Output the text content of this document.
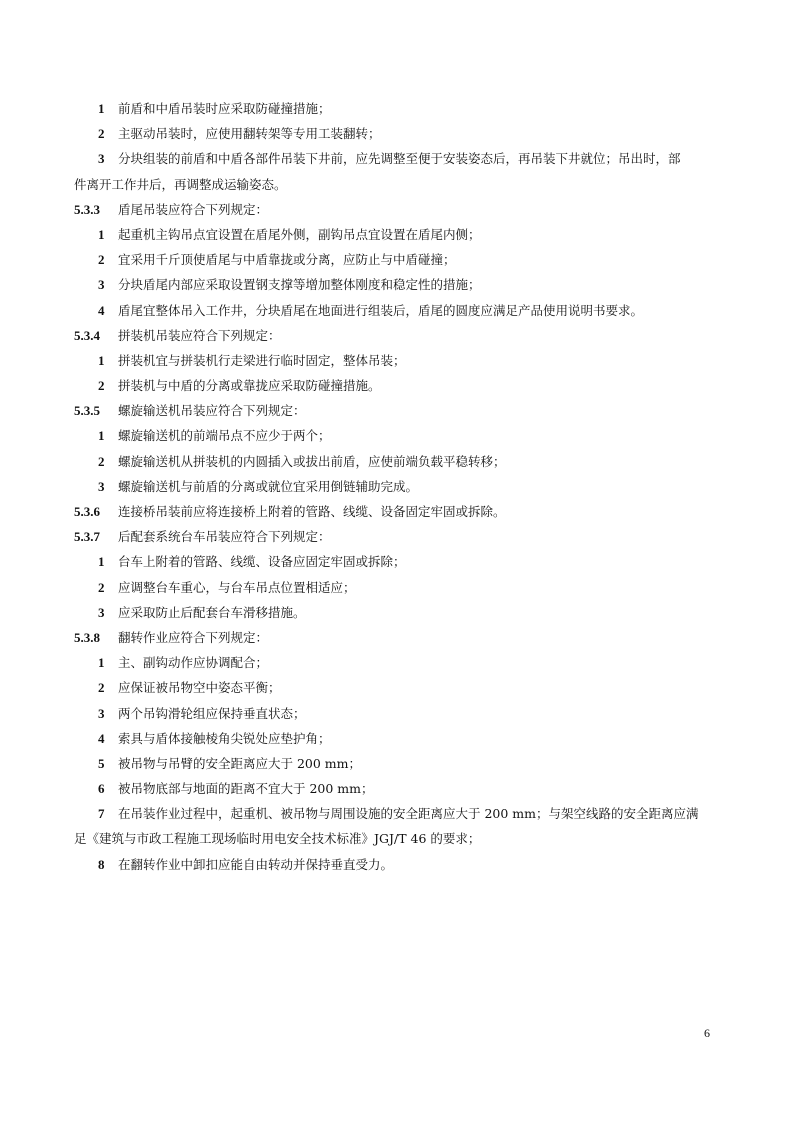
1 前盾和中盾吊装时应采取防碰撞措施；
2 主驱动吊装时，应使用翻转架等专用工装翻转；
3 分块组装的前盾和中盾各部件吊装下井前，应先调整至便于安装姿态后，再吊装下井就位；吊出时，部
件离开工作井后，再调整成运输姿态。
5.3.3 盾尾吊装应符合下列规定：
1 起重机主钩吊点宜设置在盾尾外侧，副钩吊点宜设置在盾尾内侧；
2 宜采用千斤顶使盾尾与中盾靠拢或分离，应防止与中盾碰撞；
3 分块盾尾内部应采取设置钢支撑等增加整体刚度和稳定性的措施；
4 盾尾宜整体吊入工作井，分块盾尾在地面进行组装后，盾尾的圆度应满足产品使用说明书要求。
5.3.4 拼装机吊装应符合下列规定：
1 拼装机宜与拼装机行走梁进行临时固定，整体吊装；
2 拼装机与中盾的分离或靠拢应采取防碰撞措施。
5.3.5 螺旋输送机吊装应符合下列规定：
1 螺旋输送机的前端吊点不应少于两个；
2 螺旋输送机从拼装机的内圆插入或拔出前盾，应使前端负载平稳转移；
3 螺旋输送机与前盾的分离或就位宜采用倒链辅助完成。
5.3.6 连接桥吊装前应将连接桥上附着的管路、线缆、设备固定牢固或拆除。
5.3.7 后配套系统台车吊装应符合下列规定：
1 台车上附着的管路、线缆、设备应固定牢固或拆除；
2 应调整台车重心，与台车吊点位置相适应；
3 应采取防止后配套台车滑移措施。
5.3.8 翻转作业应符合下列规定：
1 主、副钩动作应协调配合；
2 应保证被吊物空中姿态平衡；
3 两个吊钩滑轮组应保持垂直状态；
4 索具与盾体接触棱角尖锐处应垫护角；
5 被吊物与吊臂的安全距离应大于 200 mm；
6 被吊物底部与地面的距离不宜大于 200 mm；
7 在吊装作业过程中，起重机、被吊物与周围设施的安全距离应大于 200 mm；与架空线路的安全距离应满
足《建筑与市政工程施工现场临时用电安全技术标准》JGJ/T 46 的要求；
8 在翻转作业中卸扣应能自由转动并保持垂直受力。
6
